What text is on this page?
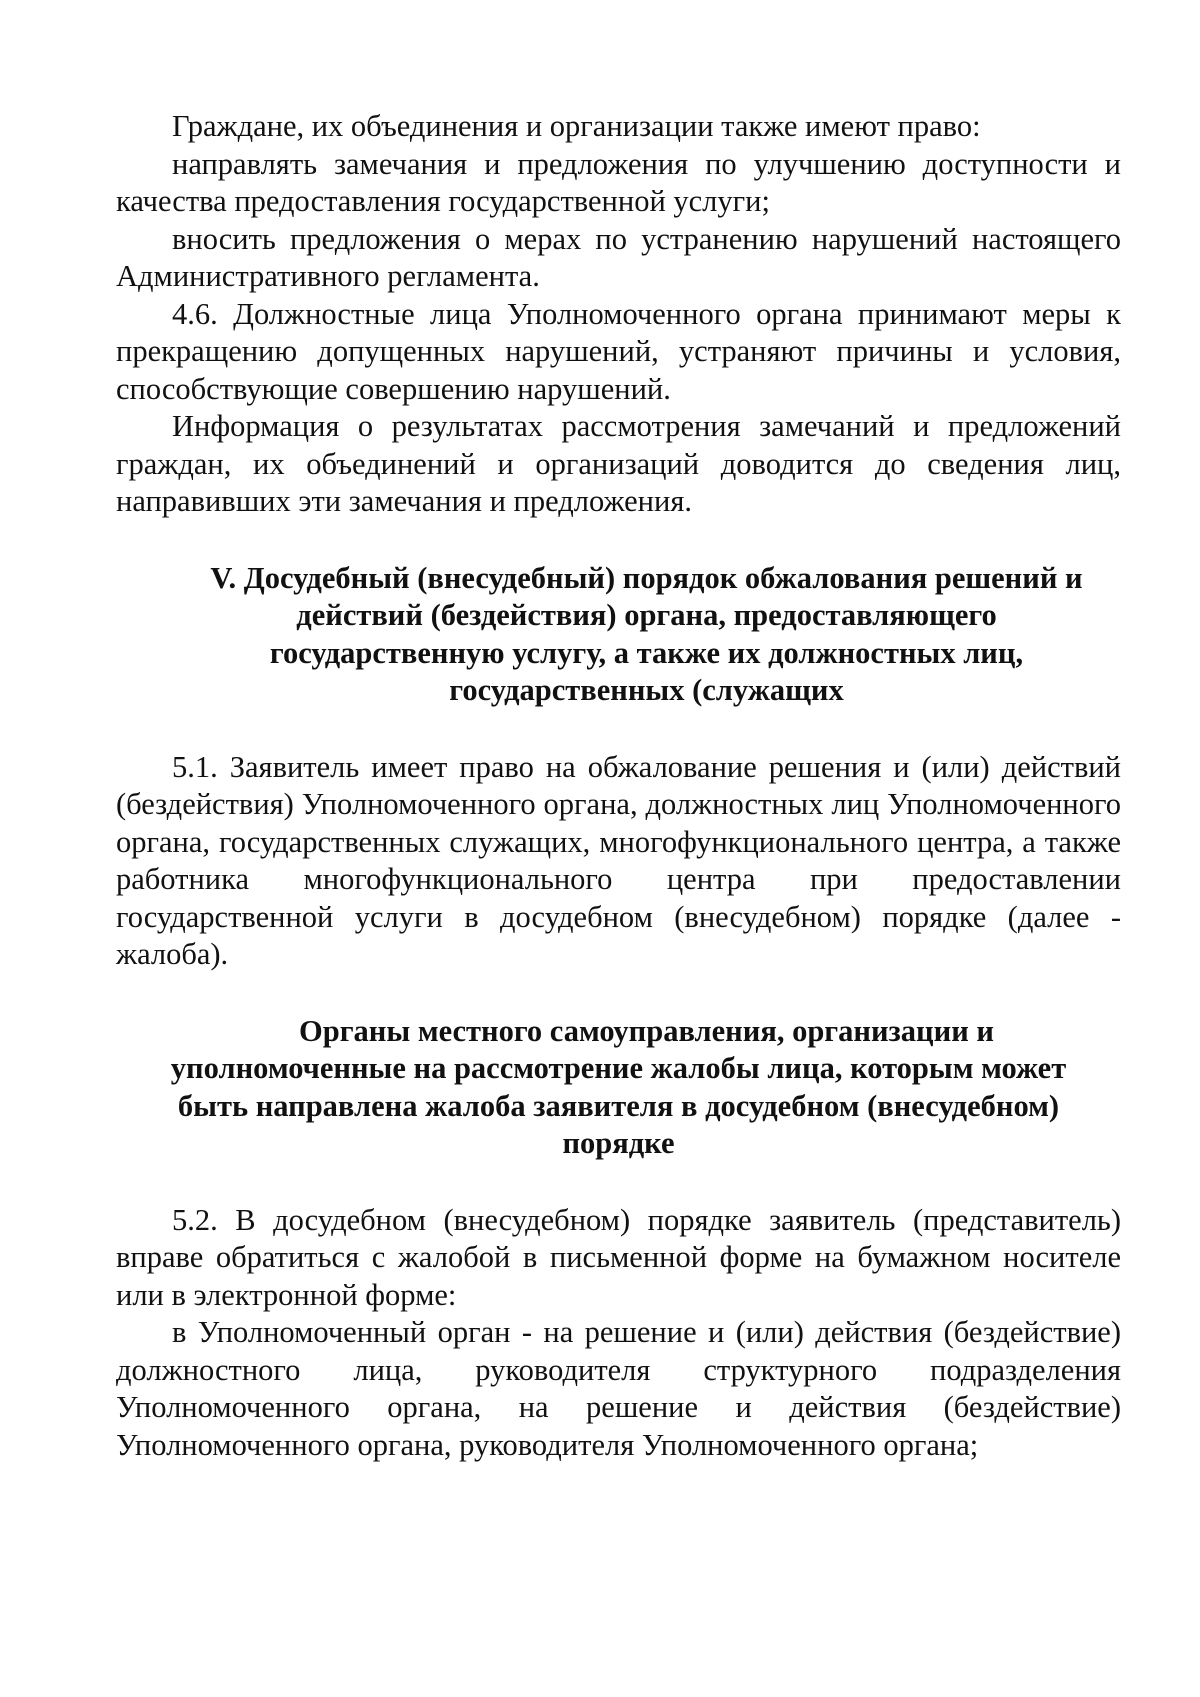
Граждане, их объединения и организации также имеют право:

направлять замечания и предложения по улучшению доступности и качества предоставления государственной услуги;

вносить предложения о мерах по устранению нарушений настоящего Административного регламента.

4.6. Должностные лица Уполномоченного органа принимают меры к прекращению допущенных нарушений, устраняют причины и условия, способствующие совершению нарушений.

Информация о результатах рассмотрения замечаний и предложений граждан, их объединений и организаций доводится до сведения лиц, направивших эти замечания и предложения.

V. Досудебный (внесудебный) порядок обжалования решений и
действий (бездействия) органа, предоставляющего
государственную услугу, а также их должностных лиц,
государственных (служащих

5.1. Заявитель имеет право на обжалование решения и (или) действий (бездействия) Уполномоченного органа, должностных лиц Уполномоченного органа, государственных служащих, многофункционального центра, а также работника многофункционального центра при предоставлении государственной услуги в досудебном (внесудебном) порядке (далее - жалоба).

Органы местного самоуправления, организации и
уполномоченные на рассмотрение жалобы лица, которым может
быть направлена жалоба заявителя в досудебном (внесудебном)
порядке

5.2. В досудебном (внесудебном) порядке заявитель (представитель) вправе обратиться с жалобой в письменной форме на бумажном носителе или в электронной форме:

в Уполномоченный орган - на решение и (или) действия (бездействие) должностного лица, руководителя структурного подразделения Уполномоченного органа, на решение и действия (бездействие) Уполномоченного органа, руководителя Уполномоченного органа;
